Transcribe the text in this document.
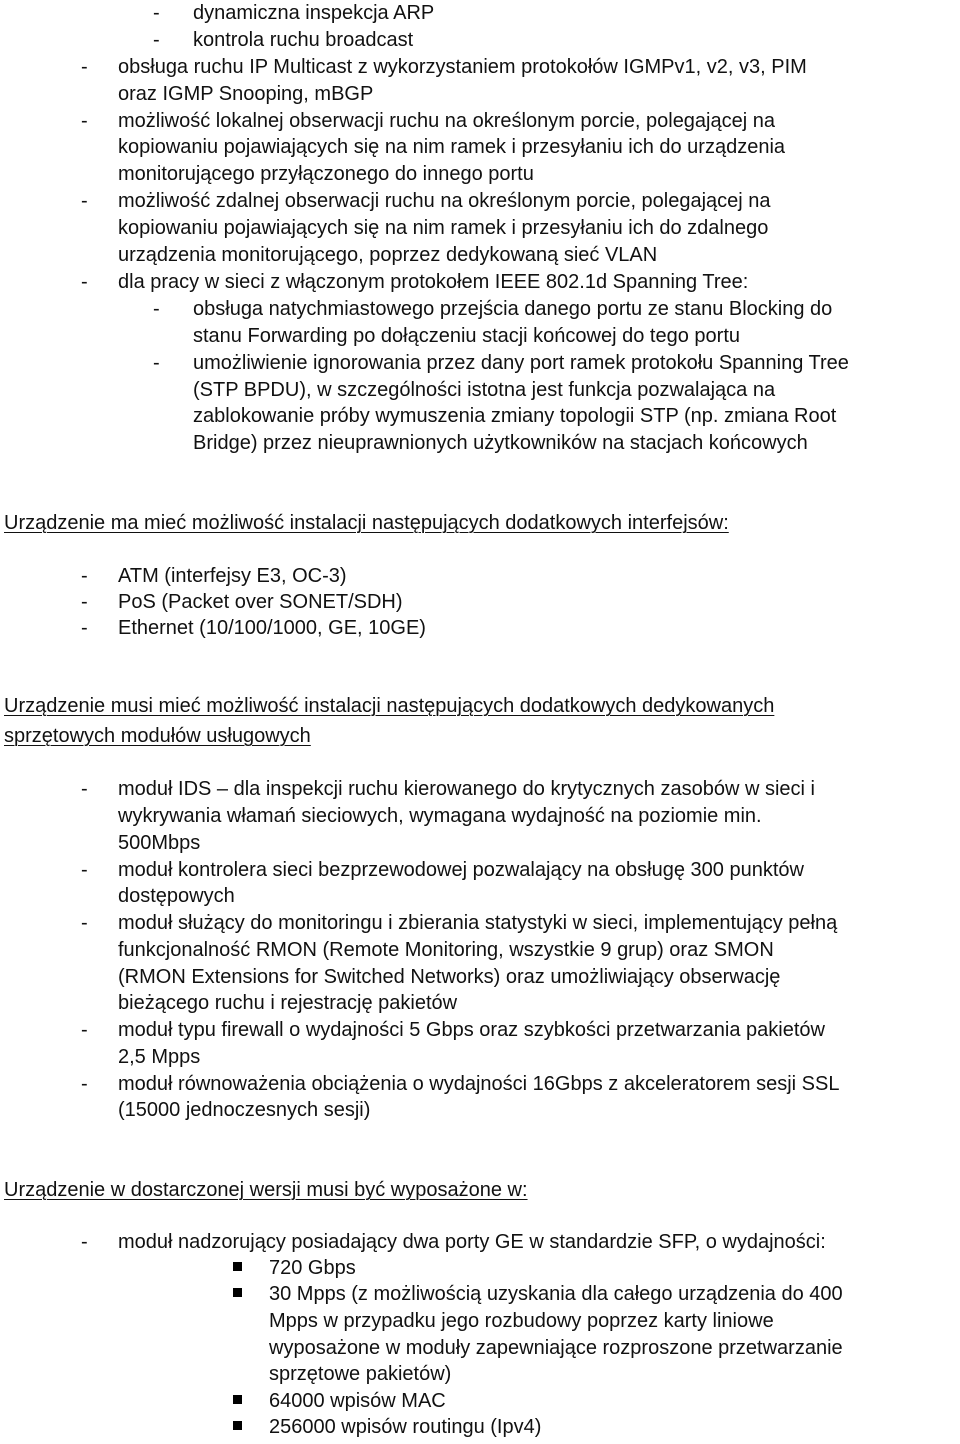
- dynamiczna inspekcja ARP
- kontrola ruchu broadcast
- obsługa ruchu IP Multicast z wykorzystaniem protokołów IGMPv1, v2, v3, PIM
oraz IGMP Snooping, mBGP
- możliwość lokalnej obserwacji ruchu na określonym porcie, polegającej na
kopiowaniu pojawiających się na nim ramek i przesyłaniu ich do urządzenia
monitorującego przyłączonego do innego portu
- możliwość zdalnej obserwacji ruchu na określonym porcie, polegającej na
kopiowaniu pojawiających się na nim ramek i przesyłaniu ich do zdalnego
urządzenia monitorującego, poprzez dedykowaną sieć VLAN
- dla pracy w sieci z włączonym protokołem IEEE 802.1d Spanning Tree:
- obsługa natychmiastowego przejścia danego portu ze stanu Blocking do
stanu Forwarding po dołączeniu stacji końcowej do tego portu
- umożliwienie ignorowania przez dany port ramek protokołu Spanning Tree
(STP BPDU), w szczególności istotna jest funkcja pozwalająca na
zablokowanie próby wymuszenia zmiany topologii STP (np. zmiana Root
Bridge) przez nieuprawnionych użytkowników na stacjach końcowych
Urządzenie ma mieć możliwość instalacji następujących dodatkowych interfejsów:
- ATM (interfejsy E3, OC-3)
- PoS (Packet over SONET/SDH)
- Ethernet (10/100/1000, GE, 10GE)
Urządzenie musi mieć możliwość instalacji następujących dodatkowych dedykowanych
sprzętowych modułów usługowych
- moduł IDS – dla inspekcji ruchu kierowanego do krytycznych zasobów w sieci i
wykrywania włamań sieciowych, wymagana wydajność na poziomie min.
500Mbps
- moduł kontrolera sieci bezprzewodowej pozwalający na obsługę 300 punktów
dostępowych
- moduł służący do monitoringu i zbierania statystyki w sieci, implementujący pełną
funkcjonalność RMON (Remote Monitoring, wszystkie 9 grup) oraz SMON
(RMON Extensions for Switched Networks) oraz umożliwiający obserwację
bieżącego ruchu i rejestrację pakietów
- moduł typu firewall o wydajności 5 Gbps oraz szybkości przetwarzania pakietów
2,5 Mpps
- moduł równoważenia obciążenia o wydajności 16Gbps z akceleratorem sesji SSL
(15000 jednoczesnych sesji)
Urządzenie w dostarczonej wersji musi być wyposażone w:
- moduł nadzorujący posiadający dwa porty GE w standardzie SFP, o wydajności:
720 Gbps
30 Mpps (z możliwością uzyskania dla całego urządzenia do 400
Mpps w przypadku jego rozbudowy poprzez karty liniowe
wyposażone w moduły zapewniające rozproszone przetwarzanie
sprzętowe pakietów)
64000 wpisów MAC
256000 wpisów routingu (Ipv4)
